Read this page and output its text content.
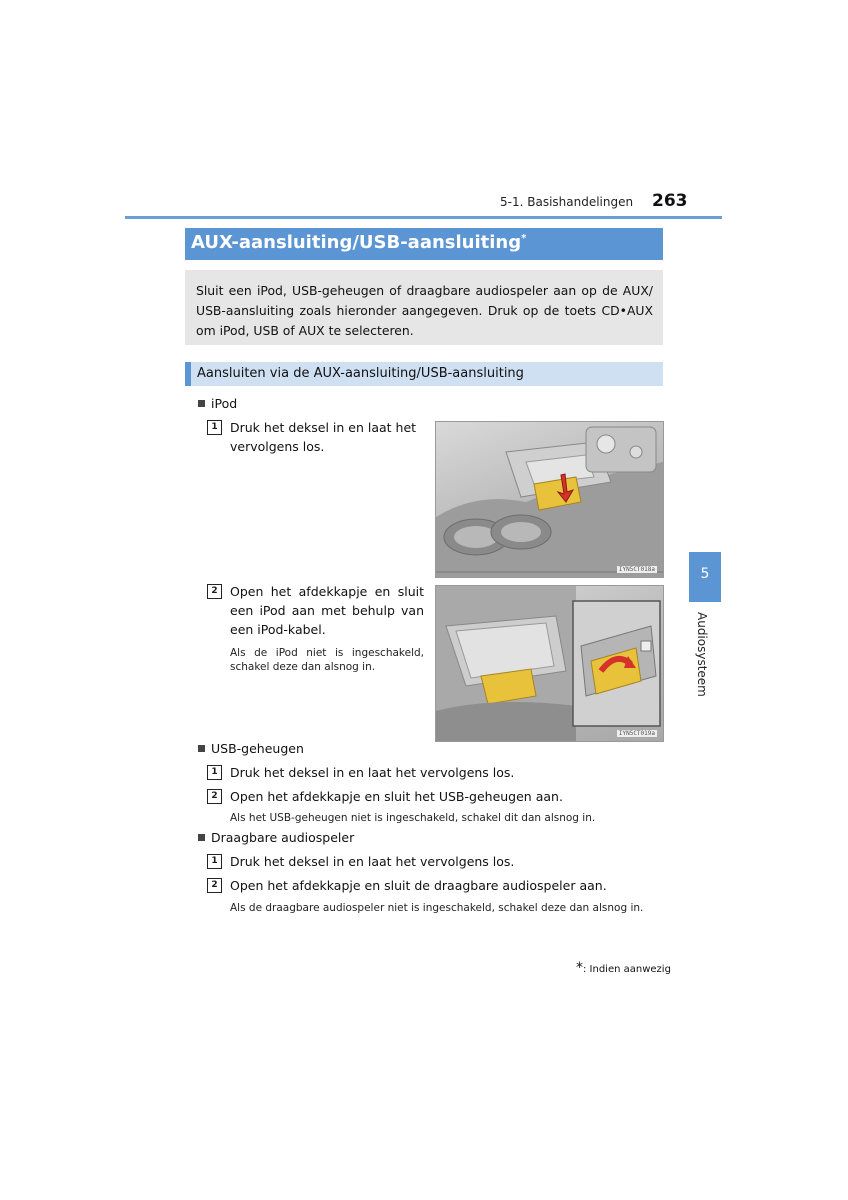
5-1. Basishandelingen 263
AUX-aansluiting/USB-aansluiting*
Sluit een iPod, USB-geheugen of draagbare audiospeler aan op de AUX/ USB-aansluiting zoals hieronder aangegeven. Druk op de toets CD•AUX om iPod, USB of AUX te selecteren.
Aansluiten via de AUX-aansluiting/USB-aansluiting
iPod
1 Druk het deksel in en laat het vervolgens los.
IYN5CT018a
2 Open het afdekkapje en sluit een iPod aan met behulp van een iPod-kabel.
Als de iPod niet is ingeschakeld, schakel deze dan alsnog in.
IYN5CT019a
USB-geheugen
1 Druk het deksel in en laat het vervolgens los.
2 Open het afdekkapje en sluit het USB-geheugen aan.
Als het USB-geheugen niet is ingeschakeld, schakel dit dan alsnog in.
Draagbare audiospeler
1 Druk het deksel in en laat het vervolgens los.
2 Open het afdekkapje en sluit de draagbare audiospeler aan.
Als de draagbare audiospeler niet is ingeschakeld, schakel deze dan alsnog in.
5
Audiosysteem
*: Indien aanwezig
